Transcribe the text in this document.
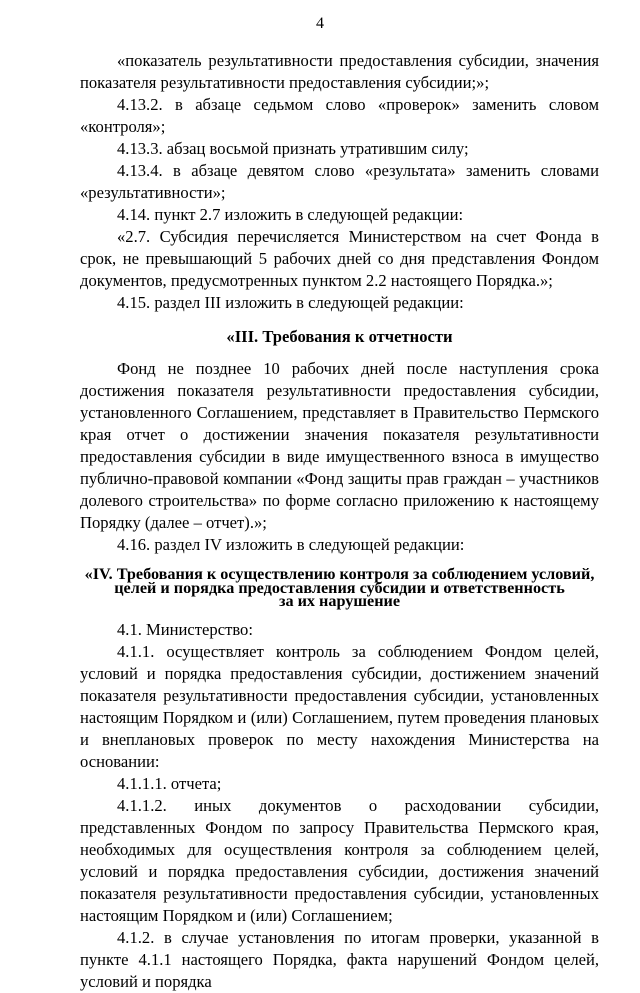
4

«показатель результативности предоставления субсидии, значения показателя результативности предоставления субсидии;»;

4.13.2. в абзаце седьмом слово «проверок» заменить словом «контроля»;

4.13.3. абзац восьмой признать утратившим силу;

4.13.4. в абзаце девятом слово «результата» заменить словами «результативности»;

4.14. пункт 2.7 изложить в следующей редакции:

«2.7. Субсидия перечисляется Министерством на счет Фонда в срок, не превышающий 5 рабочих дней со дня представления Фондом документов, предусмотренных пунктом 2.2 настоящего Порядка.»;

4.15. раздел III изложить в следующей редакции:

«III. Требования к отчетности

Фонд не позднее 10 рабочих дней после наступления срока достижения показателя результативности предоставления субсидии, установленного Соглашением, представляет в Правительство Пермского края отчет о достижении значения показателя результативности предоставления субсидии в виде имущественного взноса в имущество публично-правовой компании «Фонд защиты прав граждан – участников долевого строительства» по форме согласно приложению к настоящему Порядку (далее – отчет).»;

4.16. раздел IV изложить в следующей редакции:

«IV. Требования к осуществлению контроля за соблюдением условий,
целей и порядка предоставления субсидии и ответственность
за их нарушение

4.1. Министерство:

4.1.1. осуществляет контроль за соблюдением Фондом целей, условий и порядка предоставления субсидии, достижением значений показателя результативности предоставления субсидии, установленных настоящим Порядком и (или) Соглашением, путем проведения плановых и внеплановых проверок по месту нахождения Министерства на основании:

4.1.1.1. отчета;

4.1.1.2. иных документов о расходовании субсидии, представленных Фондом по запросу Правительства Пермского края, необходимых для осуществления контроля за соблюдением целей, условий и порядка предоставления субсидии, достижения значений показателя результативности предоставления субсидии, установленных настоящим Порядком и (или) Соглашением;

4.1.2. в случае установления по итогам проверки, указанной в пункте 4.1.1 настоящего Порядка, факта нарушений Фондом целей, условий и порядка
